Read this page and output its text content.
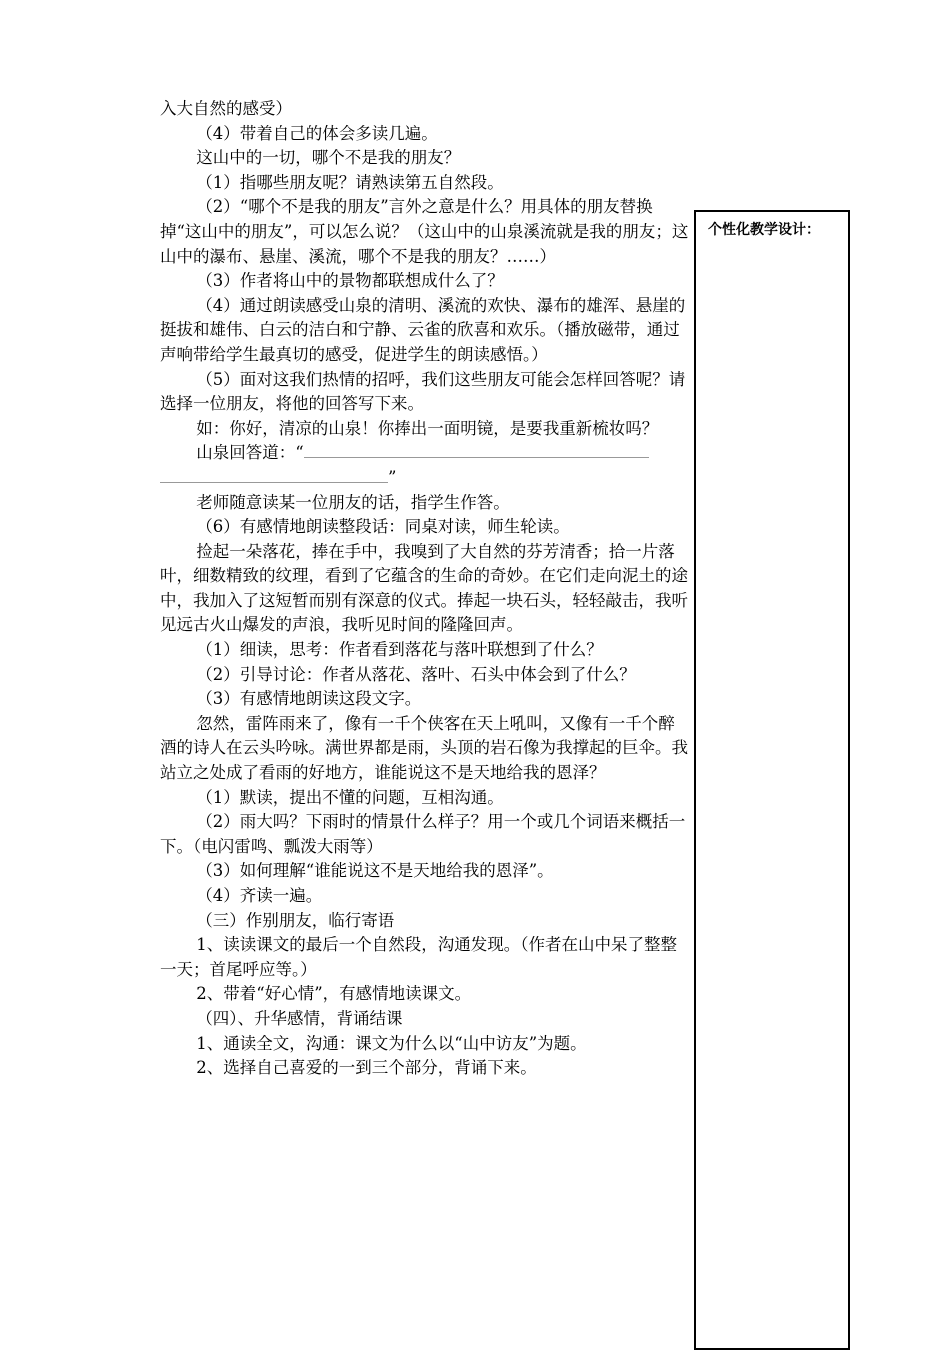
入大自然的感受）

（4）带着自己的体会多读几遍。

这山中的一切，哪个不是我的朋友？

（1）指哪些朋友呢？请熟读第五自然段。

（2）“哪个不是我的朋友”言外之意是什么？用具体的朋友替换掉“这山中的朋友”，可以怎么说？（这山中的山泉溪流就是我的朋友；这山中的瀑布、悬崖、溪流，哪个不是我的朋友？……）

（3）作者将山中的景物都联想成什么了？

（4）通过朗读感受山泉的清明、溪流的欢快、瀑布的雄浑、悬崖的挺拔和雄伟、白云的洁白和宁静、云雀的欣喜和欢乐。（播放磁带，通过声响带给学生最真切的感受，促进学生的朗读感悟。）

（5）面对这我们热情的招呼，我们这些朋友可能会怎样回答呢？请选择一位朋友，将他的回答写下来。

如：你好，清凉的山泉！你捧出一面明镜，是要我重新梳妆吗？

山泉回答道：“
”

老师随意读某一位朋友的话，指学生作答。

（6）有感情地朗读整段话：同桌对读，师生轮读。

捡起一朵落花，捧在手中，我嗅到了大自然的芬芳清香；拾一片落叶，细数精致的纹理，看到了它蕴含的生命的奇妙。在它们走向泥土的途中，我加入了这短暂而别有深意的仪式。捧起一块石头，轻轻敲击，我听见远古火山爆发的声浪，我听见时间的隆隆回声。

（1）细读，思考：作者看到落花与落叶联想到了什么？

（2）引导讨论：作者从落花、落叶、石头中体会到了什么？

（3）有感情地朗读这段文字。

忽然，雷阵雨来了，像有一千个侠客在天上吼叫，又像有一千个醉酒的诗人在云头吟咏。满世界都是雨，头顶的岩石像为我撑起的巨伞。我站立之处成了看雨的好地方，谁能说这不是天地给我的恩泽？

（1）默读，提出不懂的问题，互相沟通。

（2）雨大吗？下雨时的情景什么样子？用一个或几个词语来概括一下。（电闪雷鸣、瓢泼大雨等）

（3）如何理解“谁能说这不是天地给我的恩泽”。

（4）齐读一遍。

（三）作别朋友，临行寄语

1、读读课文的最后一个自然段，沟通发现。（作者在山中呆了整整一天；首尾呼应等。）

2、带着“好心情”，有感情地读课文。

（四）、升华感情，背诵结课

1、通读全文，沟通：课文为什么以“山中访友”为题。

2、选择自己喜爱的一到三个部分，背诵下来。

个性化教学设计：
